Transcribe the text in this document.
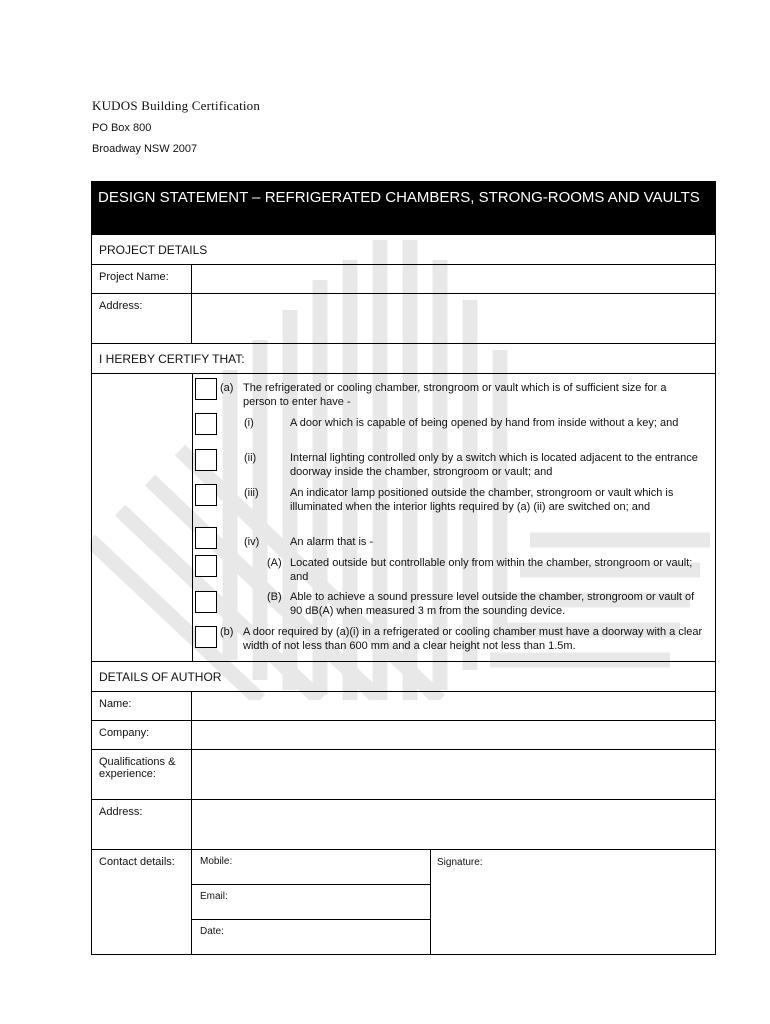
KUDOS Building Certification
PO Box 800
Broadway NSW 2007
DESIGN STATEMENT – REFRIGERATED CHAMBERS, STRONG-ROOMS AND VAULTS
PROJECT DETAILS
Project Name:
Address:
I HEREBY CERTIFY THAT:
(a) The refrigerated or cooling chamber, strongroom or vault which is of sufficient size for a person to enter have -
(i)	A door which is capable of being opened by hand from inside without a key; and
(ii)	Internal lighting controlled only by a switch which is located adjacent to the entrance doorway inside the chamber, strongroom or vault; and
(iii)	An indicator lamp positioned outside the chamber, strongroom or vault which is illuminated when the interior lights required by (a) (ii) are switched on; and
(iv)	An alarm that is -
(A) Located outside but controllable only from within the chamber, strongroom or vault; and
(B) Able to achieve a sound pressure level outside the chamber, strongroom or vault of 90 dB(A) when measured 3 m from the sounding device.
(b) A door required by (a)(i) in a refrigerated or cooling chamber must have a doorway with a clear width of not less than 600 mm and a clear height not less than 1.5m.
DETAILS OF AUTHOR
Name:
Company:
Qualifications & experience:
Address:
Contact details:	Mobile:
Email:
Date:
Signature:
